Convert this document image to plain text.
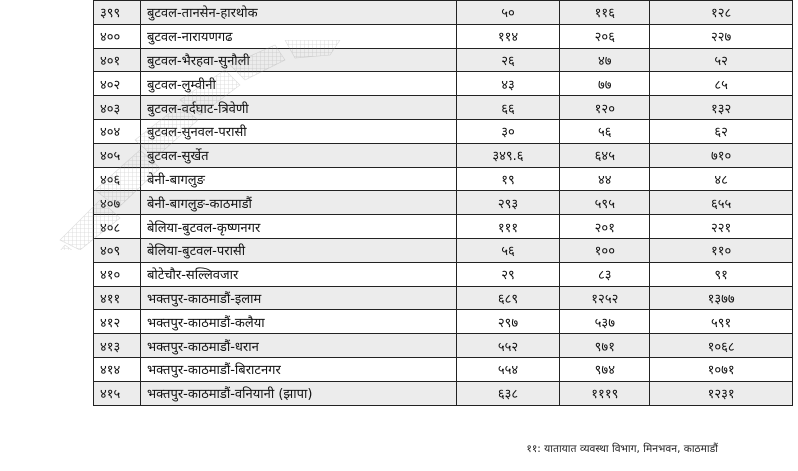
३९९	बुटवल-तानसेन-हारथोक	५०	११६	१२८
४००	बुटवल-नारायणगढ	११४	२०६	२२७
४०१	बुटवल-भैरहवा-सुनौली	२६	४७	५२
४०२	बुटवल-लुम्वीनी	४३	७७	८५
४०३	बुटवल-वर्दघाट-त्रिवेणी	६६	१२०	१३२
४०४	बुटवल-सुनवल-परासी	३०	५६	६२
४०५	बुटवल-सुर्खेत	३४९.६	६४५	७१०
४०६	बेनी-बागलुङ	१९	४४	४८
४०७	बेनी-बागलुङ-काठमाडौं	२९३	५९५	६५५
४०८	बेलिया-बुटवल-कृष्णनगर	१११	२०१	२२१
४०९	बेलिया-बुटवल-परासी	५६	१००	११०
४१०	बोटेचौर-सल्लिवजार	२९	८३	९१
४११	भक्तपुर-काठमाडौं-इलाम	६८९	१२५२	१३७७
४१२	भक्तपुर-काठमाडौं-कलैया	२९७	५३७	५९१
४१३	भक्तपुर-काठमाडौं-धरान	५५२	९७१	१०६८
४१४	भक्तपुर-काठमाडौं-बिराटनगर	५५४	९७४	१०७१
४१५	भक्तपुर-काठमाडौं-वनियानी (झापा)	६३८	१११९	१२३१
११: यातायात व्यवस्था विभाग, मिनभवन, काठमाडौं
